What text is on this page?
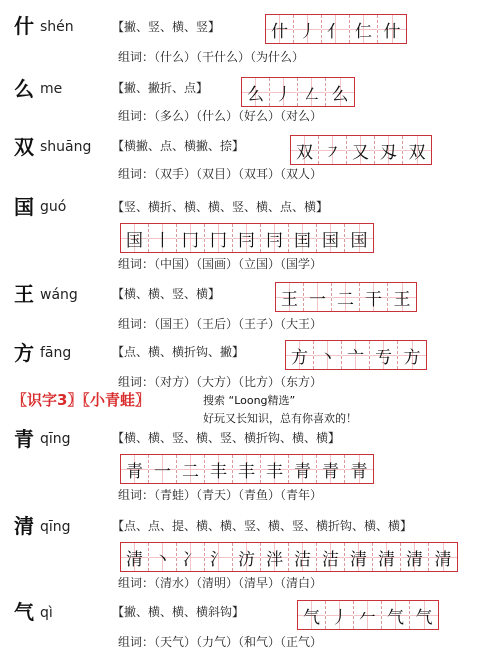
什 shén	【撇、竖、横、竖】	什 丿 亻 仁 什
组词：（什么）（干什么）（为什么）
么 me	【撇、撇折、点】 么 丿 ㇜ 么
组词：（多么）（什么）（好么）（对么）
双 shuāng 【横撇、点、横撇、捺】	双 ㇇ 又 刄 双
组词：（双手）（双目）（双耳）（双人）
国 guó	【竖、横折、横、横、竖、横、点、横】
国 丨 冂 冂 冃 冃 囯 国 国
组词：（中国）（国画）（立国）（国学）
王 wáng	【横、横、竖、横】	王 一 二 干 王
组词：（国王）（王后）（王子）（大王）
方 fāng	【点、横、横折钩、撇】	方 丶 亠 亐 方
组词：（对方）（大方）（比方）（东方）
青 qīng	【横、横、竖、横、竖、横折钩、横、横】
青 一 二 丰 丰 丰 青 青 青
组词：（青蛙）（青天）（青鱼）（青年）
清 qīng	【点、点、提、横、横、竖、横、竖、横折钩、横、横】
清 丶 冫 氵 汸 泮 洁 洁 清 清 清 清
组词：（清水）（清明）（清早）（清白）
气 qì	【撇、横、横、横斜钩】	气 丿 𠂉 气 气
组词：（天气）（力气）（和气）（正气）
〖识字3〗〖小青蛙〗	搜索 “Loong精选”
好玩又长知识，总有你喜欢的！
